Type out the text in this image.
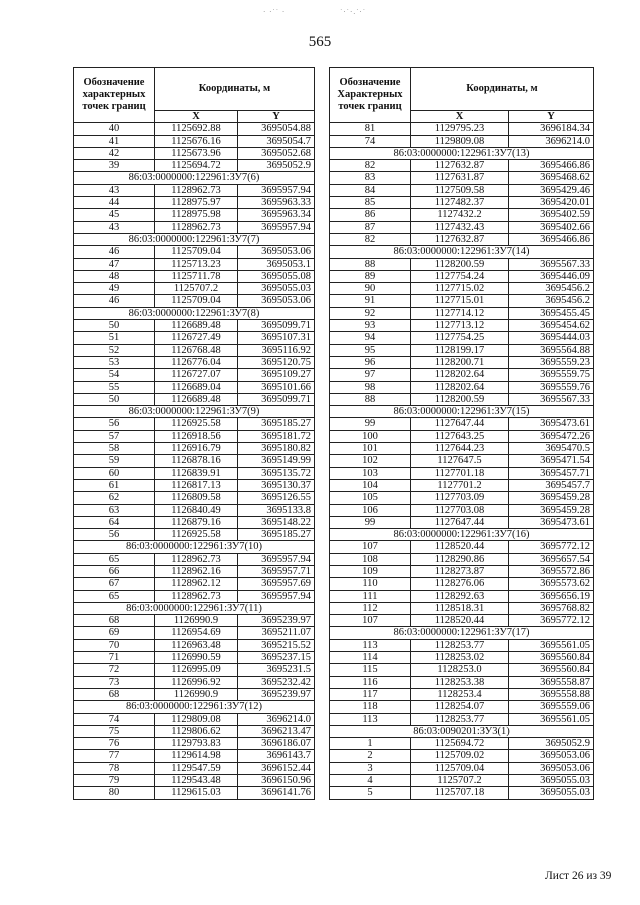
· ·˙˙ ·	˙·˙·.˙·˙
565
Обозначение характерных точек границ	Координаты, м	
	X	Y
40	1125692.88	3695054.88
41	1125676.16	3695054.7
42	1125673.96	3695052.68
39	1125694.72	3695052.9
86:03:0000000:122961:ЗУ7(6)		
43	1128962.73	3695957.94
44	1128975.97	3695963.33
45	1128975.98	3695963.34
43	1128962.73	3695957.94
86:03:0000000:122961:ЗУ7(7)		
46	1125709.04	3695053.06
47	1125713.23	3695053.1
48	1125711.78	3695055.08
49	1125707.2	3695055.03
46	1125709.04	3695053.06
86:03:0000000:122961:ЗУ7(8)		
50	1126689.48	3695099.71
51	1126727.49	3695107.31
52	1126768.48	3695116.92
53	1126776.04	3695120.75
54	1126727.07	3695109.27
55	1126689.04	3695101.66
50	1126689.48	3695099.71
86:03:0000000:122961:ЗУ7(9)		
56	1126925.58	3695185.27
57	1126918.56	3695181.72
58	1126916.79	3695180.82
59	1126878.16	3695149.99
60	1126839.91	3695135.72
61	1126817.13	3695130.37
62	1126809.58	3695126.55
63	1126840.49	3695133.8
64	1126879.16	3695148.22
56	1126925.58	3695185.27
86:03:0000000:122961:ЗУ7(10)		
65	1128962.73	3695957.94
66	1128962.16	3695957.71
67	1128962.12	3695957.69
65	1128962.73	3695957.94
86:03:0000000:122961:ЗУ7(11)		
68	1126990.9	3695239.97
69	1126954.69	3695211.07
70	1126963.48	3695215.52
71	1126990.59	3695237.15
72	1126995.09	3695231.5
73	1126996.92	3695232.42
68	1126990.9	3695239.97
86:03:0000000:122961:ЗУ7(12)		
74	1129809.08	3696214.0
75	1129806.62	3696213.47
76	1129793.83	3696186.07
77	1129614.98	3696143.7
78	1129547.59	3696152.44
79	1129543.48	3696150.96
80	1129615.03	3696141.76
Обозначение Характерных точек границ	Координаты, м	
	X	Y
81	1129795.23	3696184.34
74	1129809.08	3696214.0
86:03:0000000:122961:ЗУ7(13)		
82	1127632.87	3695466.86
83	1127631.87	3695468.62
84	1127509.58	3695429.46
85	1127482.37	3695420.01
86	1127432.2	3695402.59
87	1127432.43	3695402.66
82	1127632.87	3695466.86
86:03:0000000:122961:ЗУ7(14)		
88	1128200.59	3695567.33
89	1127754.24	3695446.09
90	1127715.02	3695456.2
91	1127715.01	3695456.2
92	1127714.12	3695455.45
93	1127713.12	3695454.62
94	1127754.25	3695444.03
95	1128199.17	3695564.88
96	1128200.71	3695559.23
97	1128202.64	3695559.75
98	1128202.64	3695559.76
88	1128200.59	3695567.33
86:03:0000000:122961:ЗУ7(15)		
99	1127647.44	3695473.61
100	1127643.25	3695472.26
101	1127644.23	3695470.5
102	1127647.5	3695471.54
103	1127701.18	3695457.71
104	1127701.2	3695457.7
105	1127703.09	3695459.28
106	1127703.08	3695459.28
99	1127647.44	3695473.61
86:03:0000000:122961:ЗУ7(16)		
107	1128520.44	3695772.12
108	1128290.86	3695657.54
109	1128273.87	3695572.86
110	1128276.06	3695573.62
111	1128292.63	3695656.19
112	1128518.31	3695768.82
107	1128520.44	3695772.12
86:03:0000000:122961:ЗУ7(17)		
113	1128253.77	3695561.05
114	1128253.02	3695560.84
115	1128253.0	3695560.84
116	1128253.38	3695558.87
117	1128253.4	3695558.88
118	1128254.07	3695559.06
113	1128253.77	3695561.05
86:03:0090201:ЗУ3(1)		
1	1125694.72	3695052.9
2	1125709.02	3695053.06
3	1125709.04	3695053.06
4	1125707.2	3695055.03
5	1125707.18	3695055.03
Лист 26 из 39
